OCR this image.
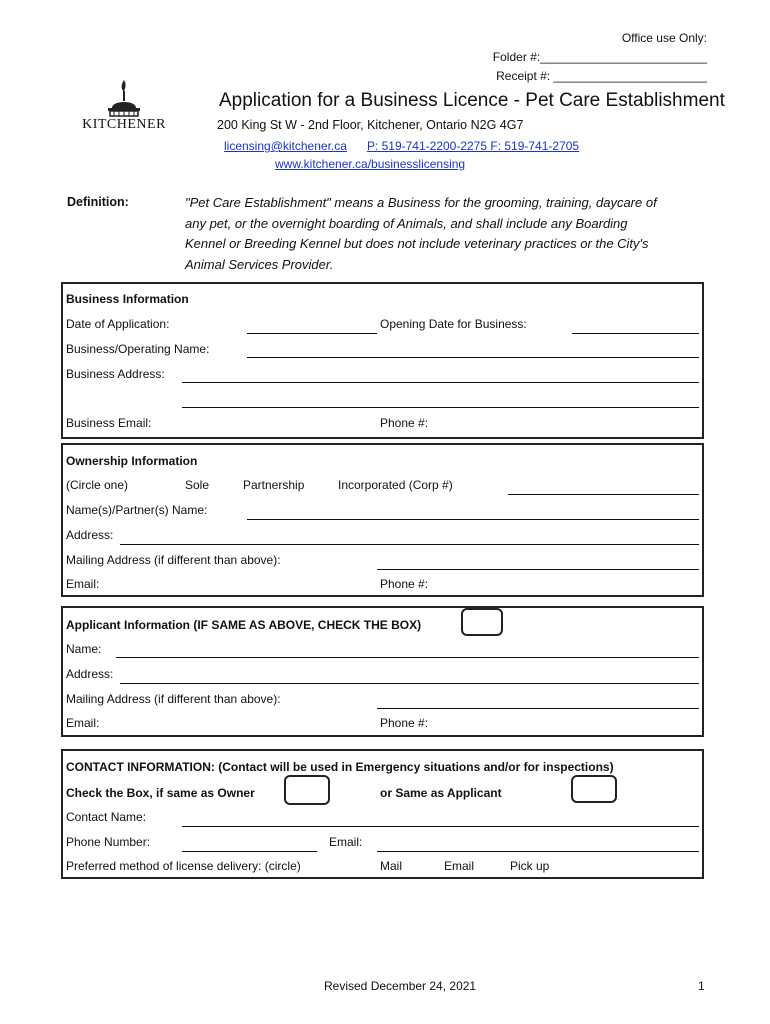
Office use Only:
Folder #:_________________________
Receipt #: _______________________
KITCHENER
Application for a Business Licence - Pet Care Establishment
200 King St W - 2nd Floor, Kitchener, Ontario N2G 4G7
licensing@kitchener.ca P: 519-741-2200-2275 F: 519-741-2705
www.kitchener.ca/businesslicensing
Definition:	"Pet Care Establishment" means a Business for the grooming, training, daycare of
any pet, or the overnight boarding of Animals, and shall include any Boarding
Kennel or Breeding Kennel but does not include veterinary practices or the City's
Animal Services Provider.
Business Information
Date of Application:	Opening Date for Business:
Business/Operating Name:
Business Address:
Business Email:	Phone #:
Ownership Information
(Circle one)	Sole	Partnership	Incorporated (Corp #)
Name(s)/Partner(s) Name:
Address:
Mailing Address (if different than above):
Email:	Phone #:
Applicant Information (IF SAME AS ABOVE, CHECK THE BOX)
Name:
Address:
Mailing Address (if different than above):
Email:	Phone #:
CONTACT INFORMATION: (Contact will be used in Emergency situations and/or for inspections)
Check the Box, if same as Owner	or Same as Applicant
Contact Name:
Phone Number:	Email:
Preferred method of license delivery: (circle)	Mail	Email	Pick up
Revised December 24, 2021	1
